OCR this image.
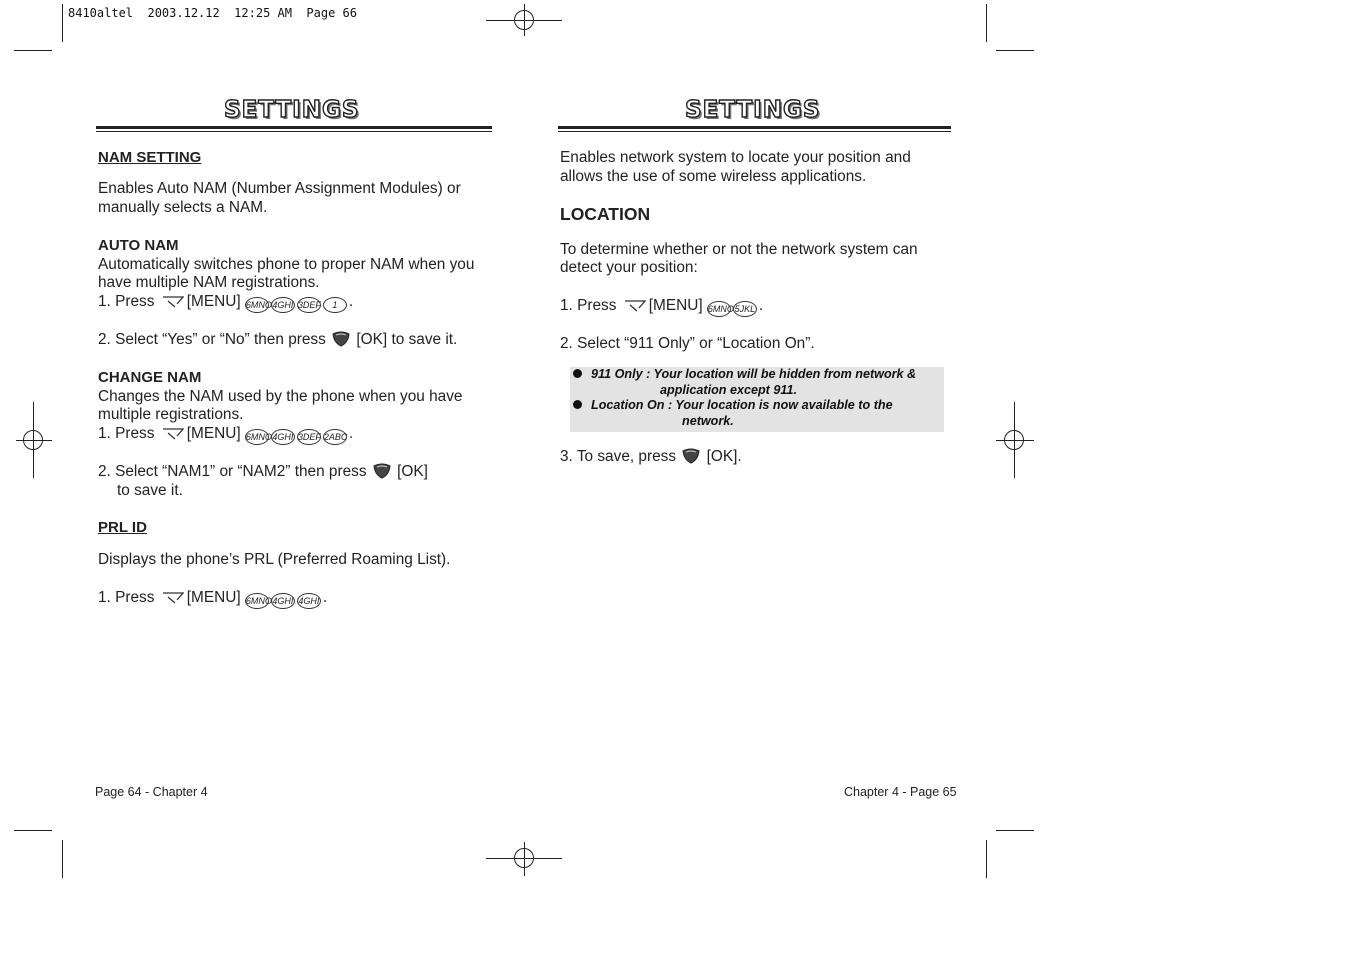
8410altel  2003.12.12  12:25 AM  Page 66
SETTINGS
NAM SETTING
Enables Auto NAM (Number Assignment Modules) or
manually selects a NAM.
AUTO NAM
Automatically switches phone to proper NAM when you
have multiple NAM registrations.
1. Press [MENU] 6MNO4GHI 3DEF 1 .
2. Select “Yes” or “No” then press [OK] to save it.
CHANGE NAM
Changes the NAM used by the phone when you have
multiple registrations.
1. Press [MENU] 6MNO4GHI 3DEF 2ABC.
2. Select “NAM1” or “NAM2” then press [OK]
to save it.
PRL ID
Displays the phone’s PRL (Preferred Roaming List).
1. Press [MENU] 6MNO4GHI 4GHI .
Page 64 - Chapter 4
SETTINGS
Enables network system to locate your position and
allows the use of some wireless applications.
LOCATION
To determine whether or not the network system can
detect your position:
1. Press [MENU] 6MNO5JKL .
2. Select “911 Only” or “Location On”.
911 Only : Your location will be hidden from network &
application except 911.
Location On : Your location is now available to the
network.
3. To save, press [OK].
Chapter 4 - Page 65
